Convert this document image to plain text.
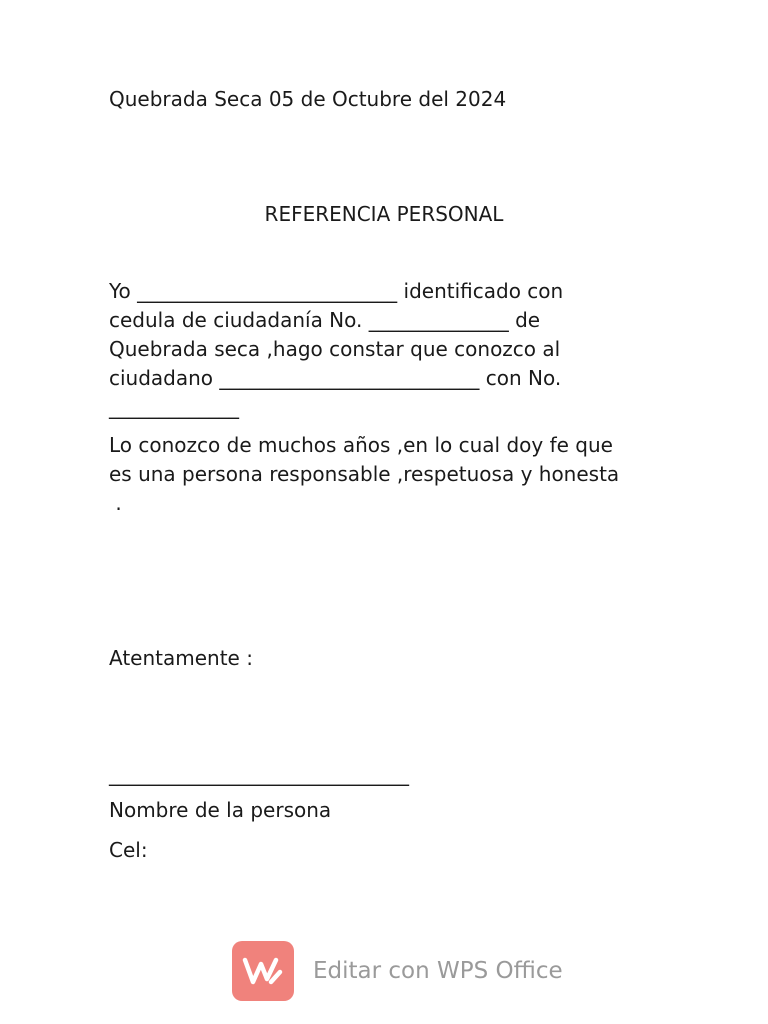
Quebrada Seca 05 de Octubre del 2024
REFERENCIA PERSONAL
Yo __________________________ identificado con
cedula de ciudadanía No. ______________ de
Quebrada seca ,hago constar que conozco al
ciudadano __________________________ con No.
_____________
Lo conozco de muchos años ,en lo cual doy fe que
es una persona responsable ,respetuosa y honesta
.
Atentamente :
______________________________
Nombre de la persona
Cel:
Editar con WPS Office
